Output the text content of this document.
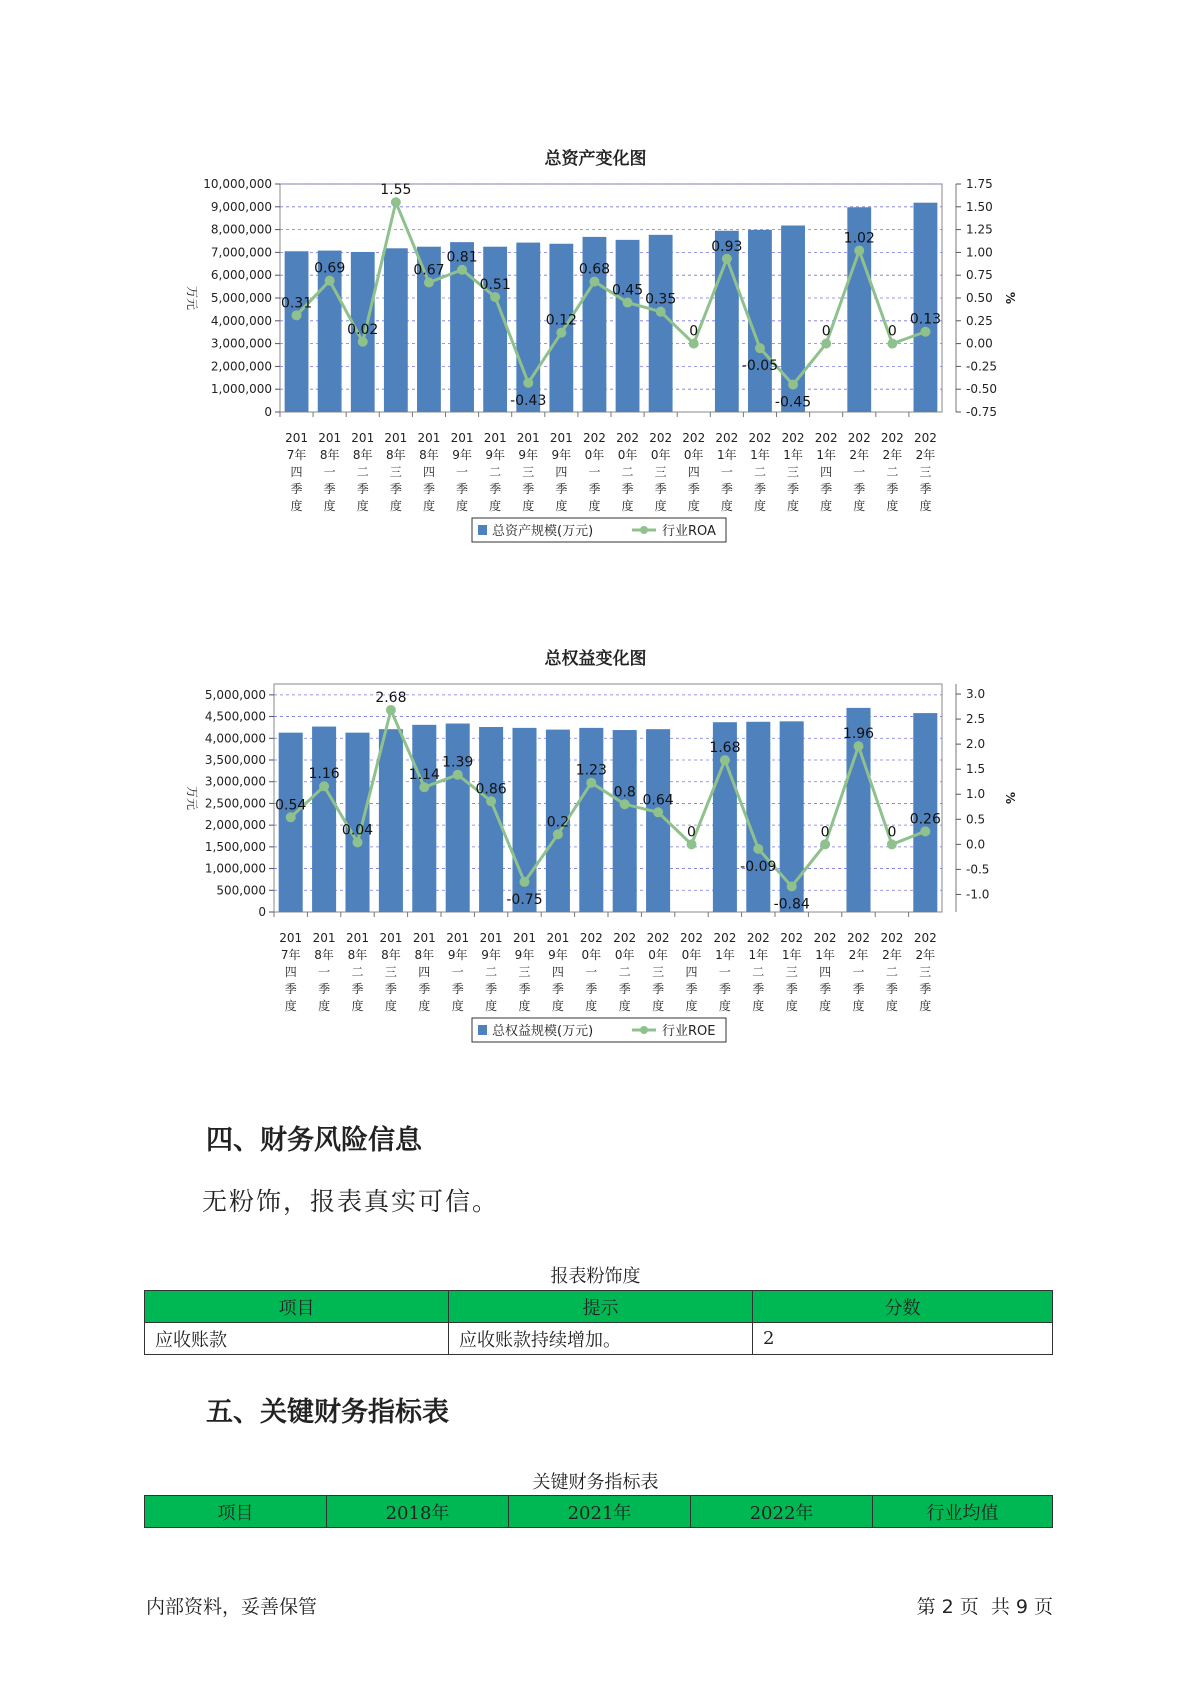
总资产变化图
0
1,000,000
2,000,000
3,000,000
4,000,000
5,000,000
6,000,000
7,000,000
8,000,000
9,000,000
10,000,000
-0.75
-0.50
-0.25
0.00
0.25
0.50
0.75
1.00
1.25
1.50
1.75
万元	%
0.31
0.69
0.02
1.55
0.67
0.81
0.51
-0.43
0.12
0.68
0.45
0.35
0
0.93
-0.05
-0.45
0
1.02
0
0.13
201
7年
四
季
度
201
8年
一
季
度
201
8年
二
季
度
201
8年
三
季
度
201
8年
四
季
度
201
9年
一
季
度
201
9年
二
季
度
201
9年
三
季
度
201
9年
四
季
度
202
0年
一
季
度
202
0年
二
季
度
202
0年
三
季
度
202
0年
四
季
度
202
1年
一
季
度
202
1年
二
季
度
202
1年
三
季
度
202
1年
四
季
度
202
2年
一
季
度
202
2年
二
季
度
202
2年
三
季
度
总资产规模(万元)	行业ROA
总权益变化图
0
500,000
1,000,000
1,500,000
2,000,000
2,500,000
3,000,000
3,500,000
4,000,000
4,500,000
5,000,000
-1.0
-0.5
0.0
0.5
1.0
1.5
2.0
2.5
3.0
万元	%
0.54
1.16
0.04
2.68
1.14
1.39
0.86
-0.75
0.2
1.23
0.8
0.64
0
1.68
-0.09
-0.84
0
1.96
0
0.26
201
7年
四
季
度
201
8年
一
季
度
201
8年
二
季
度
201
8年
三
季
度
201
8年
四
季
度
201
9年
一
季
度
201
9年
二
季
度
201
9年
三
季
度
201
9年
四
季
度
202
0年
一
季
度
202
0年
二
季
度
202
0年
三
季
度
202
0年
四
季
度
202
1年
一
季
度
202
1年
二
季
度
202
1年
三
季
度
202
1年
四
季
度
202
2年
一
季
度
202
2年
二
季
度
202
2年
三
季
度
总权益规模(万元)	行业ROE
四、财务风险信息
无粉饰，报表真实可信。
报表粉饰度
项目	提示	分数
应收账款	应收账款持续增加。	2
五、关键财务指标表
关键财务指标表
项目	2018年	2021年	2022年	行业均值
内部资料，妥善保管	第 2 页  共 9 页
